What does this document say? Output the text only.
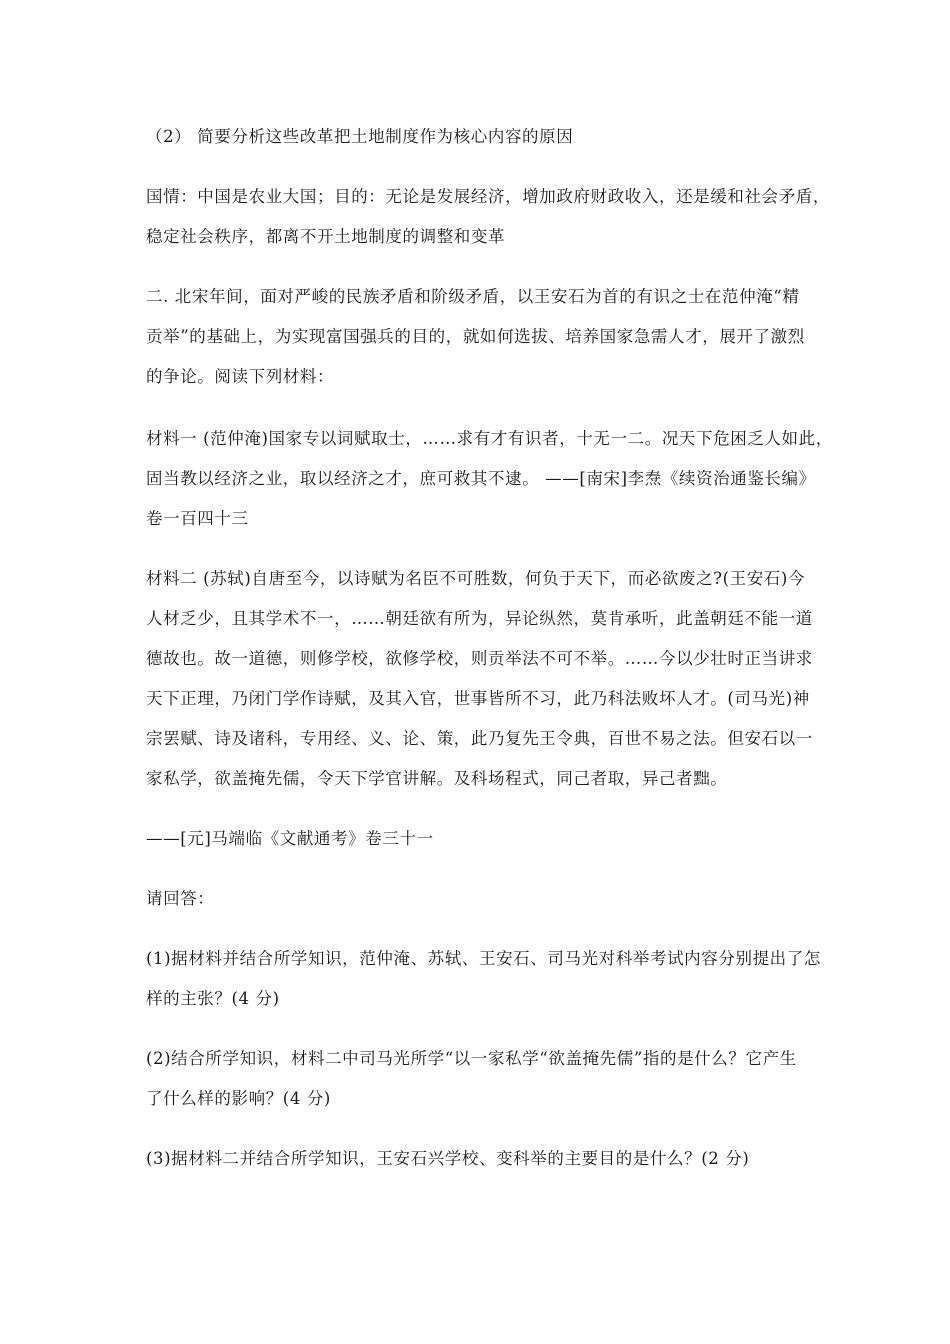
（2） 简要分析这些改革把土地制度作为核心内容的原因
国情：中国是农业大国；目的：无论是发展经济，增加政府财政收入，还是缓和社会矛盾，
稳定社会秩序，都离不开土地制度的调整和变革
二. 北宋年间，面对严峻的民族矛盾和阶级矛盾，以王安石为首的有识之士在范仲淹“精
贡举”的基础上，为实现富国强兵的目的，就如何选拔、培养国家急需人才，展开了激烈
的争论。阅读下列材料：
材料一 (范仲淹)国家专以词赋取士，……求有才有识者，十无一二。况天下危困乏人如此，
固当教以经济之业，取以经济之才，庶可救其不逮。 ——[南宋]李焘《续资治通鉴长编》
卷一百四十三
材料二 (苏轼)自唐至今，以诗赋为名臣不可胜数，何负于天下，而必欲废之?(王安石)今
人材乏少，且其学术不一，……朝廷欲有所为，异论纵然，莫肯承听，此盖朝廷不能一道
德故也。故一道德，则修学校，欲修学校，则贡举法不可不举。……今以少壮时正当讲求
天下正理，乃闭门学作诗赋，及其入官，世事皆所不习，此乃科法败坏人才。(司马光)神
宗罢赋、诗及诸科，专用经、义、论、策，此乃复先王令典，百世不易之法。但安石以一
家私学，欲盖掩先儒，令天下学官讲解。及科场程式，同己者取，异己者黜。
——[元]马端临《文献通考》卷三十一
请回答：
(1)据材料并结合所学知识，范仲淹、苏轼、王安石、司马光对科举考试内容分别提出了怎
样的主张？(4 分)
(2)结合所学知识，材料二中司马光所学“以一家私学“欲盖掩先儒”指的是什么？它产生
了什么样的影响？(4 分)
(3)据材料二并结合所学知识，王安石兴学校、变科举的主要目的是什么？(2 分)
